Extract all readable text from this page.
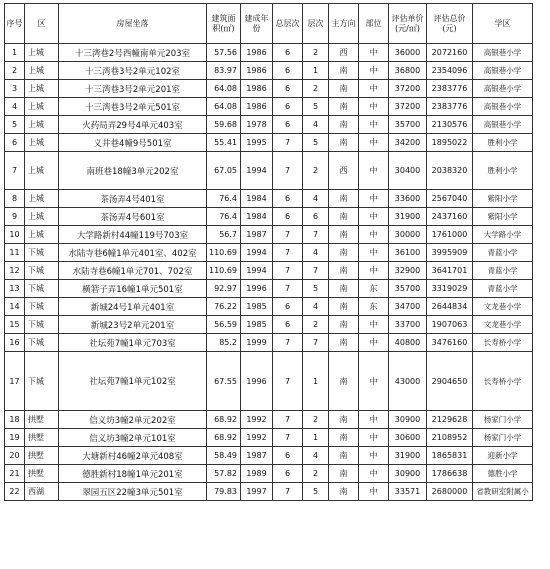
序号	区	房屋坐落	建筑面积(㎡)	建成年份	总层次	层次	主方向	部位	评估单价(元/㎡)	评估总价(元)	学区
1	上城	十三湾巷2号西幢南单元203室	57.56	1986	6	2	西	中	36000	2072160	高银巷小学
2	上城	十三湾巷3号2单元102室	83.97	1986	6	1	南	中	36800	2354096	高银巷小学
3	上城	十三湾巷3号2单元201室	64.08	1986	6	2	南	中	37200	2383776	高银巷小学
4	上城	十三湾巷3号2单元501室	64.08	1986	6	5	南	中	37200	2383776	高银巷小学
5	上城	火药局弄29号4单元403室	59.68	1978	6	4	南	中	35700	2130576	高银巷小学
6	上城	义井巷4幢9号501室	55.41	1995	7	5	南	中	34200	1895022	胜利小学
7	上城	南班巷18幢3单元202室	67.05	1994	7	2	西	中	30400	2038320	胜利小学
8	上城	茶汤弄4号401室	76.4	1984	6	4	南	中	33600	2567040	紫阳小学
9	上城	茶汤弄4号601室	76.4	1984	6	6	南	中	31900	2437160	紫阳小学
10	上城	大学路新村44幢119号703室	56.7	1987	7	7	南	中	30000	1761000	大学路小学
11	下城	水陆寺巷6幢1单元401室、402室	110.69	1994	7	4	南	中	36100	3995909	青蓝小学
12	下城	水陆寺巷6幢1单元701、702室	110.69	1994	7	7	南	中	32900	3641701	青蓝小学
13	下城	横箬子弄16幢1单元501室	92.97	1996	7	5	南	东	35700	3319029	青蓝小学
14	下城	新城24号1单元401室	76.22	1985	6	4	南	东	34700	2644834	文龙巷小学
15	下城	新城23号2单元201室	56.59	1985	6	2	南	中	33700	1907063	文龙巷小学
16	下城	社坛苑7幢1单元703室	85.2	1999	7	7	南	中	40800	3476160	长寿桥小学
17	下城	社坛苑7幢1单元102室	67.55	1996	7	1	南	中	43000	2904650	长寿桥小学
18	拱墅	信义坊3幢2单元202室	68.92	1992	7	2	南	中	30900	2129628	杨家门小学
19	拱墅	信义坊3幢2单元101室	68.92	1992	7	1	南	中	30600	2108952	杨家门小学
20	拱墅	大塘新村46幢2单元408室	58.49	1987	6	4	南	中	31900	1865831	迎新小学
21	拱墅	德胜新村18幢1单元201室	57.82	1989	6	2	南	中	30900	1786638	德胜小学
22	西湖	翠园五区22幢3单元501室	79.83	1997	7	5	南	中	33571	2680000	省教研室附属小
